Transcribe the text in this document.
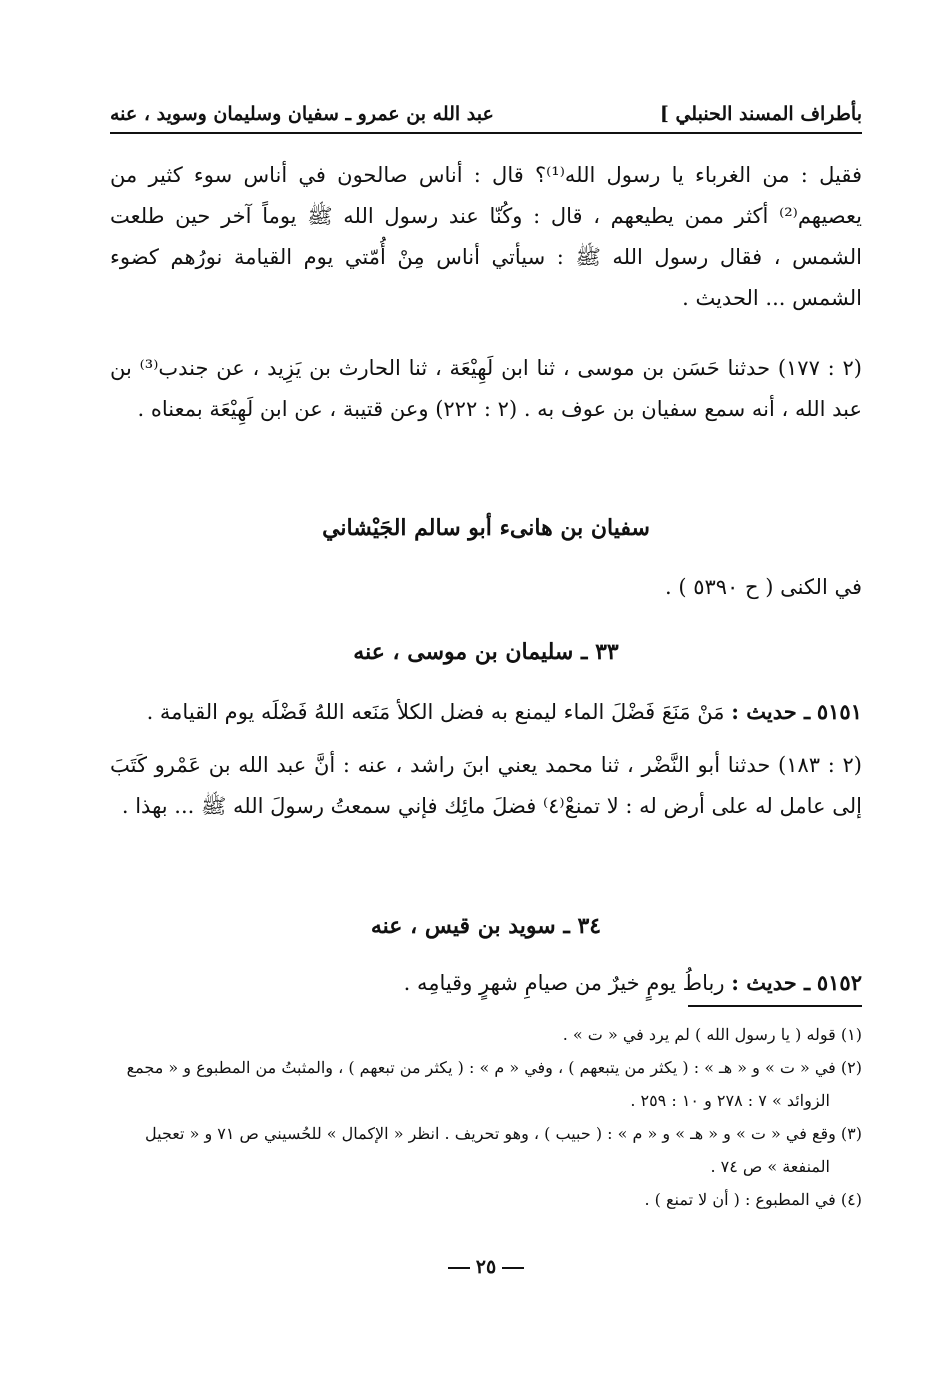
بأطراف المسند الحنبلي ]
عبد الله بن عمرو ـ سفيان وسليمان وسويد ، عنه

فقيل : من الغرباء يا رسول الله⁽¹⁾؟ قال : أناس صالحون في أناس سوء كثير من يعصيهم⁽²⁾ أكثر ممن يطيعهم ، قال : وكُنّا عند رسول الله ﷺ يوماً آخر حين طلعت الشمس ، فقال رسول الله ﷺ : سيأتي أناس مِنْ أُمّتي يوم القيامة نورُهم كضوء الشمس ... الحديث .

(٢ : ١٧٧) حدثنا حَسَن بن موسى ، ثنا ابن لَهِيْعَة ، ثنا الحارث بن يَزِيد ، عن جندب⁽³⁾ بن عبد الله ، أنه سمع سفيان بن عوف به . (٢ : ٢٢٢) وعن قتيبة ، عن ابن لَهِيْعَة بمعناه .

سفيان بن هانىء أبو سالم الجَيْشاني

في الكنى ( ح ٥٣٩٠ ) .

٣٣ ـ سليمان بن موسى ، عنه

٥١٥١ ـ حديث : مَنْ مَنَعَ فَضْلَ الماء ليمنع به فضل الكلأ مَنَعه اللهُ فَضْلَه يوم القيامة .

(٢ : ١٨٣) حدثنا أبو النَّضْر ، ثنا محمد يعني ابنَ راشد ، عنه : أنَّ عبد الله بن عَمْرو كَتَبَ إلى عامل له على أرض له : لا تمنعْ⁽٤⁾ فضلَ مائِك فإني سمعتُ رسولَ الله ﷺ ... بهذا .

٣٤ ـ سويد بن قيس ، عنه

٥١٥٢ ـ حديث : رباطُ يومٍ خيرٌ من صيامِ شهرٍ وقيامِه .

(١) قوله ( يا رسول الله ) لم يرد في « ت » .

(٢) في « ت » و « هـ » : ( يكثر من يتبعهم ) ، وفي « م » : ( يكثر من تبعهم ) ، والمثبتُ من المطبوع و « مجمع الزوائد » ٧ : ٢٧٨ و ١٠ : ٢٥٩ .

(٣) وقع في « ت » و « هـ » و « م » : ( حبيب ) ، وهو تحريف . انظر « الإكمال » للحُسيني ص ٧١ و « تعجيل المنفعة » ص ٧٤ .

(٤) في المطبوع : ( أن لا تمنع ) .

٢٥
